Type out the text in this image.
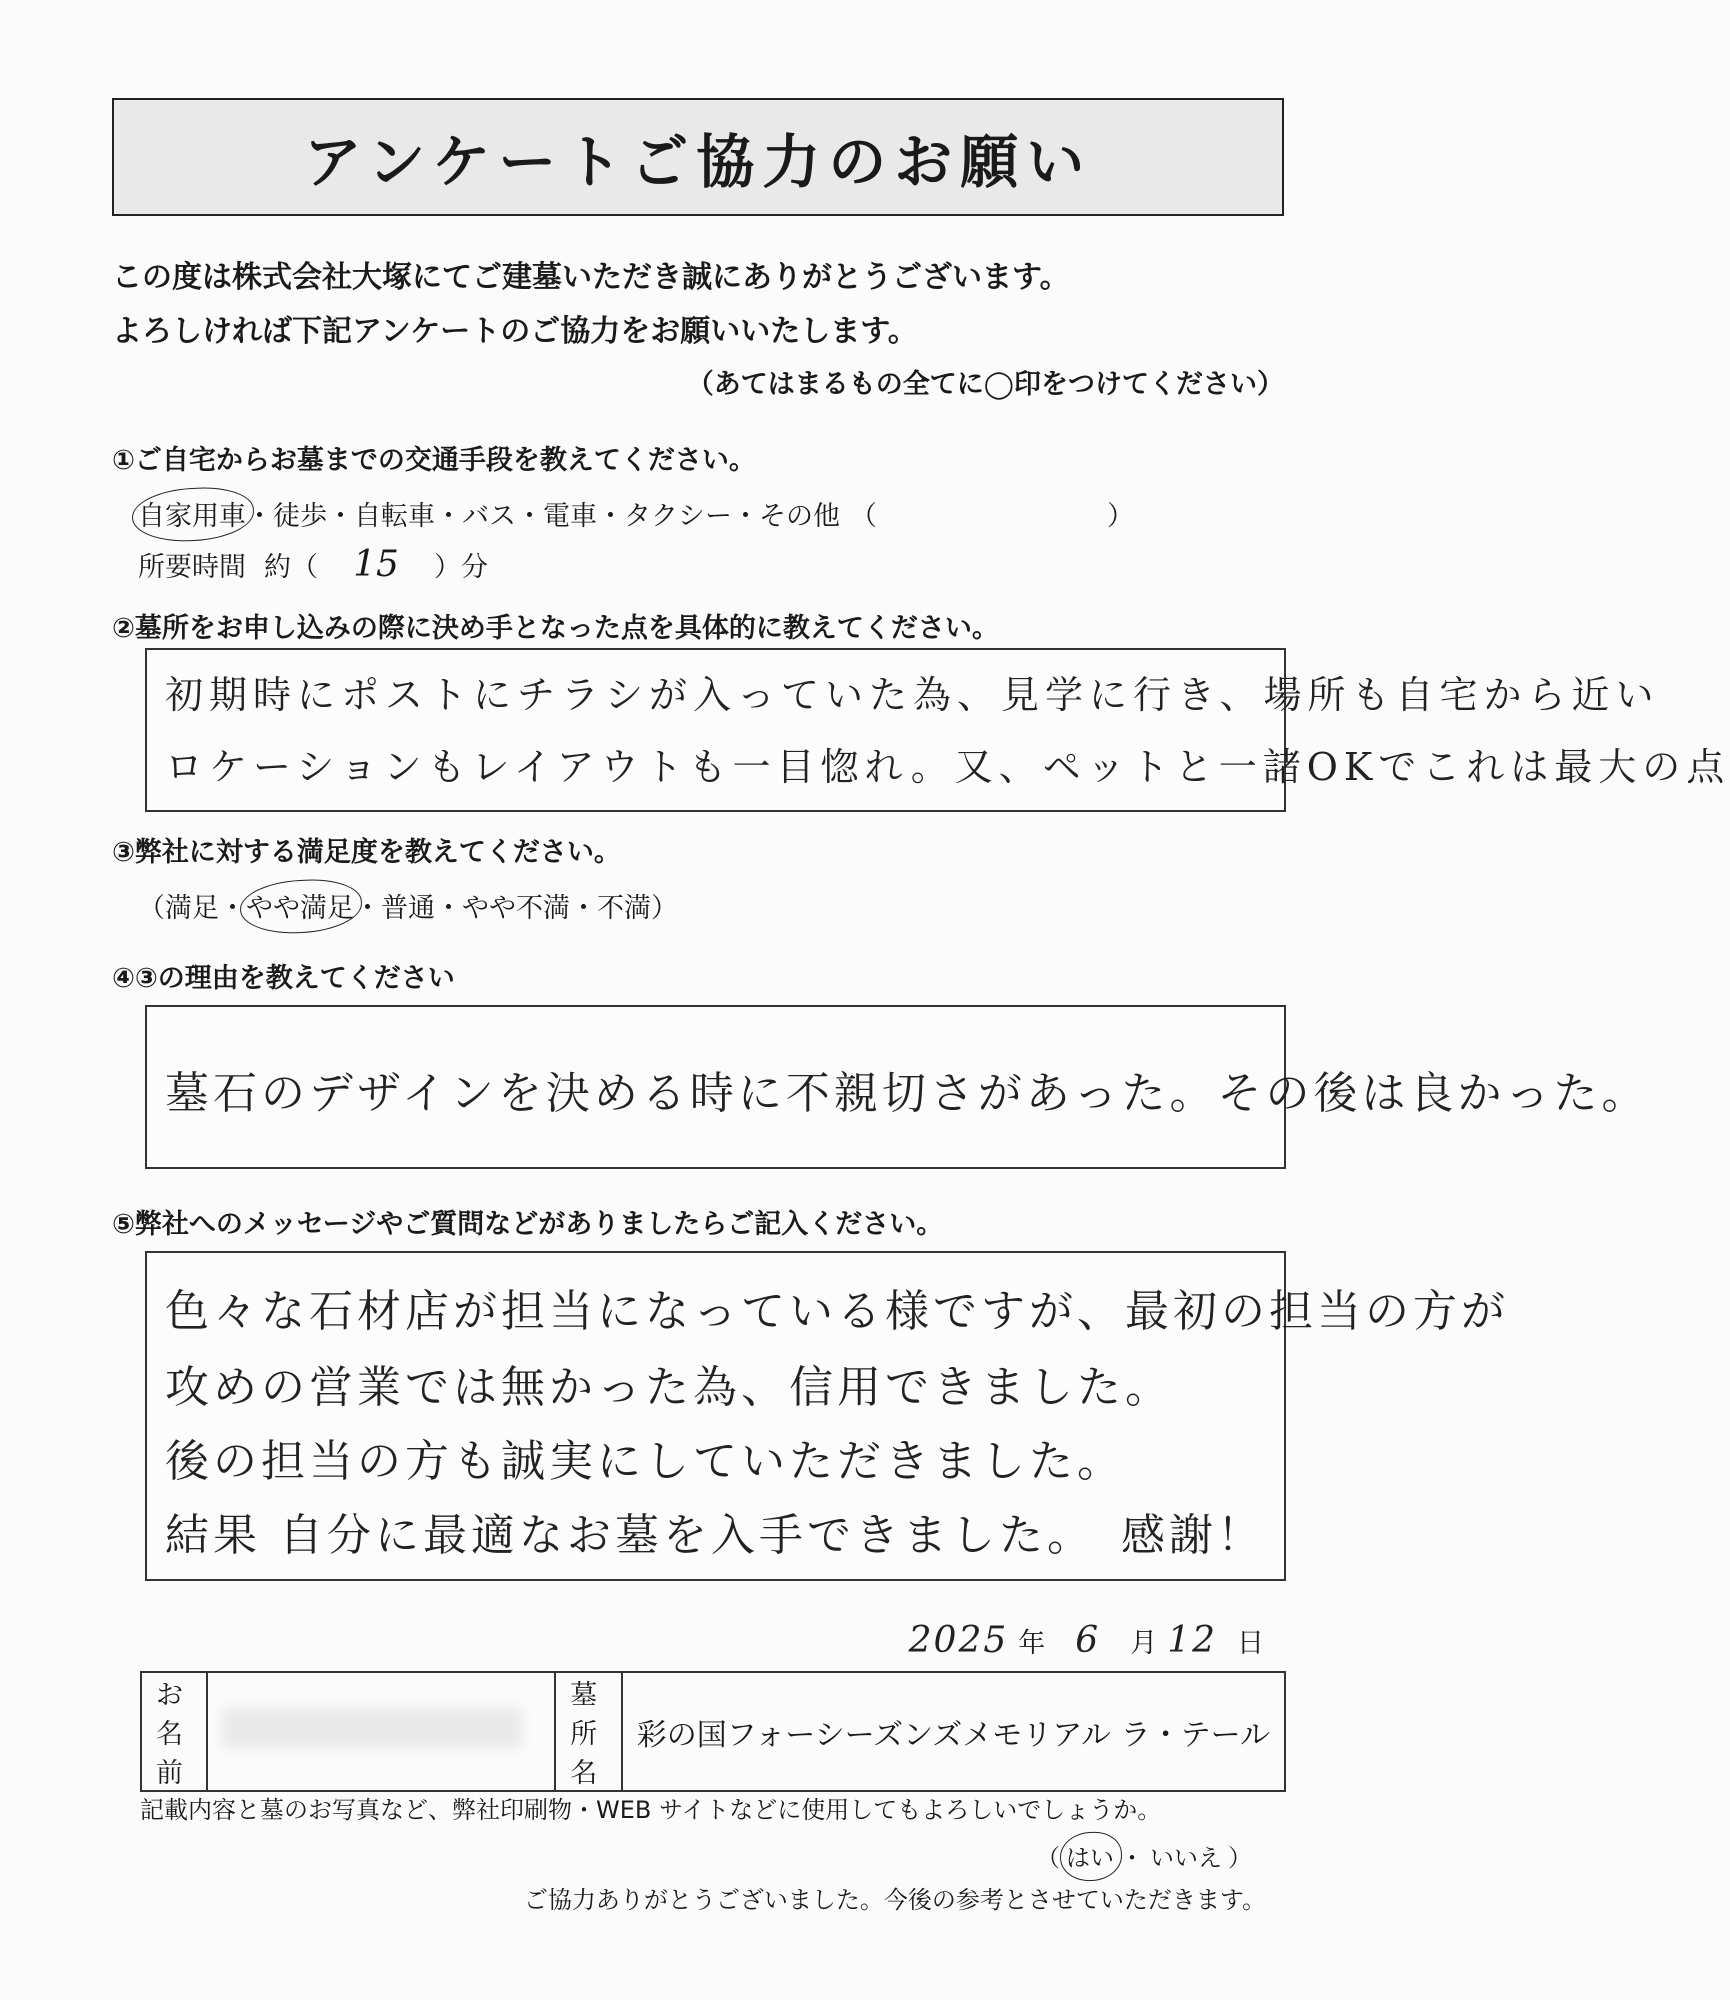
アンケートご協力のお願い
この度は株式会社大塚にてご建墓いただき誠にありがとうございます。
よろしければ下記アンケートのご協力をお願いいたします。
（あてはまるもの全てに◯印をつけてください）
①ご自宅からお墓までの交通手段を教えてください。
自家用車 ・ 徒歩 ・ 自転車 ・ バス ・ 電車 ・ タクシー ・ その他 （	）
所要時間 約（ 15	）分
②墓所をお申し込みの際に決め手となった点を具体的に教えてください。
初期時にポストにチラシが入っていた為、見学に行き、場所も自宅から近い
ロケーションもレイアウトも一目惚れ。又、ペットと一諸OKでこれは最大の点
③弊社に対する満足度を教えてください。
（ 満足 ・ やや満足 ・ 普通 ・ やや不満 ・ 不満 ）
④③の理由を教えてください
墓石のデザインを決める時に不親切さがあった。その後は良かった。
⑤弊社へのメッセージやご質問などがありましたらご記入ください。
色々な石材店が担当になっている様ですが、最初の担当の方が
攻めの営業では無かった為、信用できました。
後の担当の方も誠実にしていただきました。
結果 自分に最適なお墓を入手できました。　感謝！
2025 年 6 月 12 日
お名前		墓所名	彩の国フォーシーズンズメモリアル ラ・テール
記載内容と墓のお写真など、弊社印刷物・WEB サイトなどに使用してもよろしいでしょうか。
（ はい ・ いいえ ）
ご協力ありがとうございました。今後の参考とさせていただきます。
